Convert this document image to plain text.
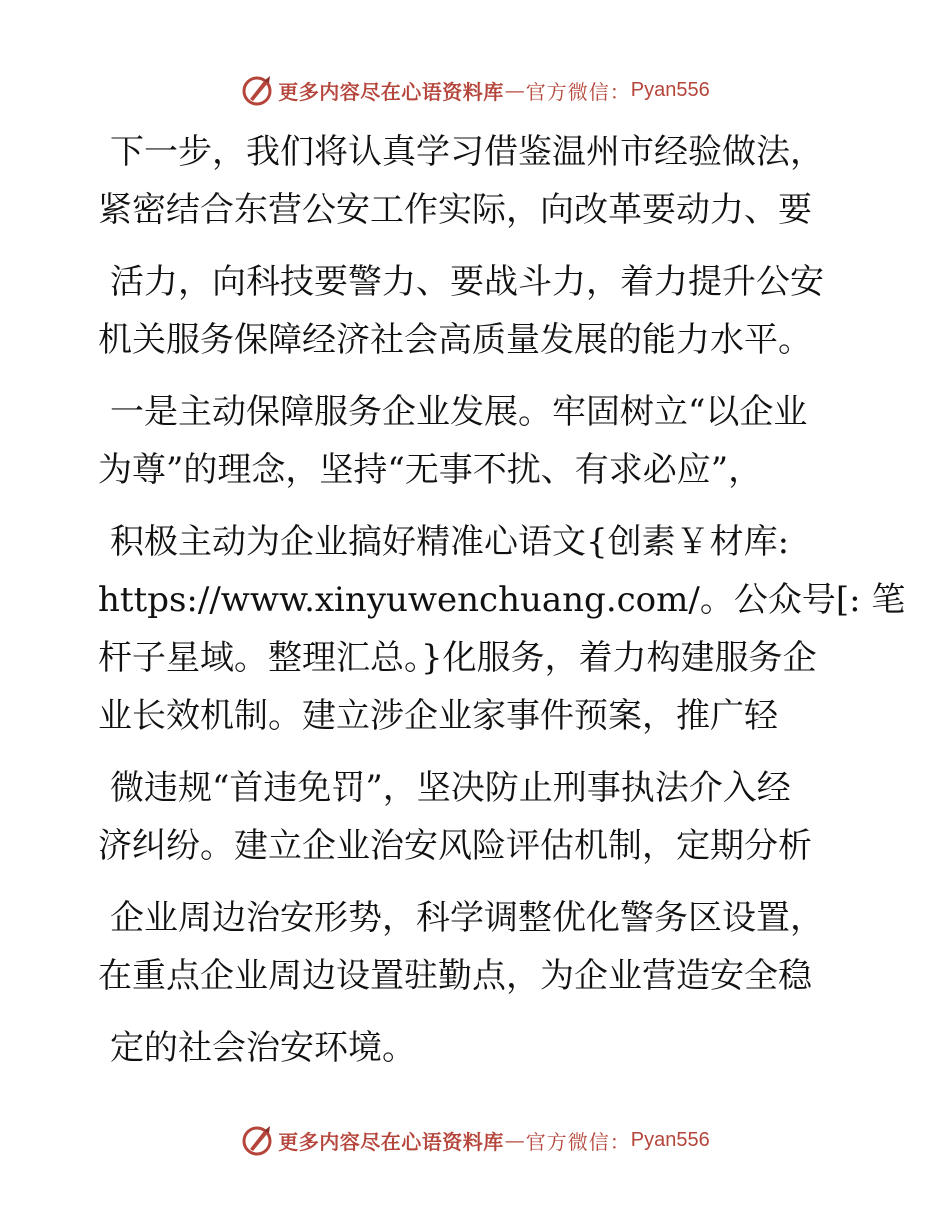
更多内容尽在心语资料库 — 官方微信： Pyan556
下一步，我们将认真学习借鉴温州市经验做法，
紧密结合东营公安工作实际，向改革要动力、要
活力，向科技要警力、要战斗力，着力提升公安
机关服务保障经济社会高质量发展的能力水平。
一是主动保障服务企业发展。牢固树立“以企业
为尊”的理念，坚持“无事不扰、有求必应”，
积极主动为企业搞好精准心语文{创素￥材库:
https://www.xinyuwenchuang.com/。公众号[: 笔
杆子星域。整理汇总。}化服务，着力构建服务企
业长效机制。建立涉企业家事件预案，推广轻
微违规“首违免罚”，坚决防止刑事执法介入经
济纠纷。建立企业治安风险评估机制，定期分析
企业周边治安形势，科学调整优化警务区设置，
在重点企业周边设置驻勤点，为企业营造安全稳
定的社会治安环境。
更多内容尽在心语资料库 — 官方微信： Pyan556
